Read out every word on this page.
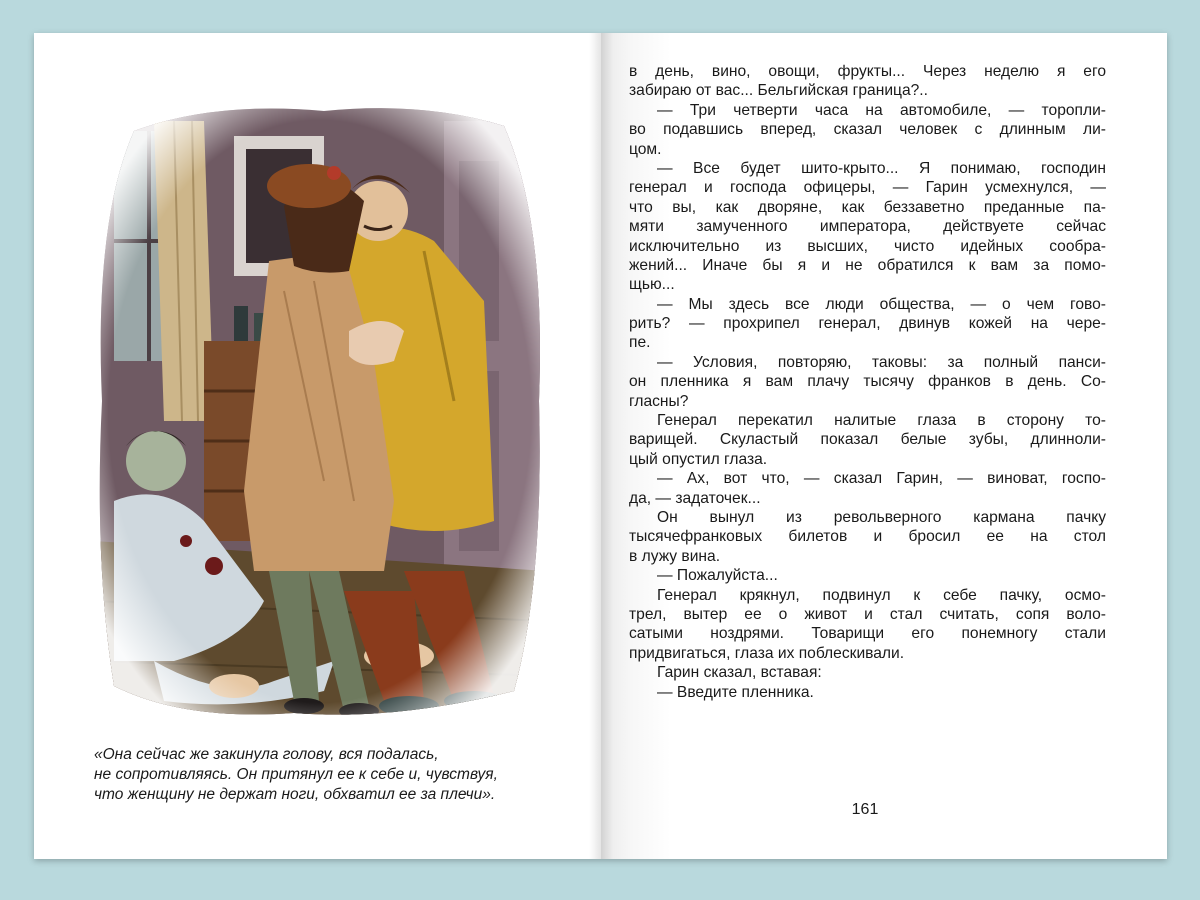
«Она сейчас же закинула голову, вся подалась,
не сопротивляясь. Он притянул ее к себе и, чувствуя,
что женщину не держат ноги, обхватил ее за плечи».
161
в день, вино, овощи, фрукты... Через неделю я его
забираю от вас... Бельгийская граница?..
— Три четверти часа на автомобиле, — торопли-
во подавшись вперед, сказал человек с длинным ли-
цом.
— Все будет шито-крыто... Я понимаю, господин
генерал и господа офицеры, — Гарин усмехнулся, —
что вы, как дворяне, как беззаветно преданные па-
мяти замученного императора, действуете сейчас
исключительно из высших, чисто идейных сообра-
жений... Иначе бы я и не обратился к вам за помо-
щью...
— Мы здесь все люди общества, — о чем гово-
рить? — прохрипел генерал, двинув кожей на чере-
пе.
— Условия, повторяю, таковы: за полный панси-
он пленника я вам плачу тысячу франков в день. Со-
гласны?
Генерал перекатил налитые глаза в сторону то-
варищей. Скуластый показал белые зубы, длинноли-
цый опустил глаза.
— Ах, вот что, — сказал Гарин, — виноват, госпо-
да, — задаточек...
Он вынул из револьверного кармана пачку
тысячефранковых билетов и бросил ее на стол
в лужу вина.
— Пожалуйста...
Генерал крякнул, подвинул к себе пачку, осмо-
трел, вытер ее о живот и стал считать, сопя воло-
сатыми ноздрями. Товарищи его понемногу стали
придвигаться, глаза их поблескивали.
Гарин сказал, вставая:
— Введите пленника.
